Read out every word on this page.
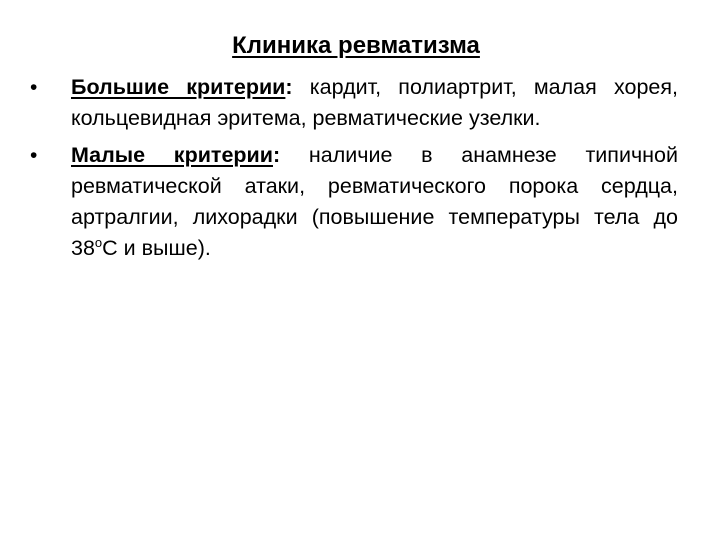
Клиника ревматизма
•	Большие критерии: кардит, полиартрит, малая хорея, кольцевидная эритема, ревматические узелки.
•	Малые критерии: наличие в анамнезе типичной ревматической атаки, ревматического порока сердца, артралгии, лихорадки (повышение температуры тела до $38^оС$ и выше).
